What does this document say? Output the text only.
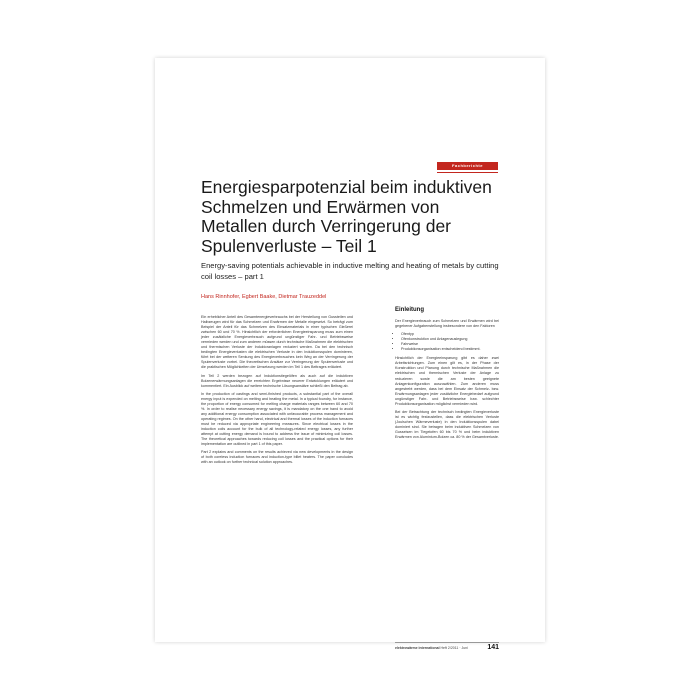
Fachberichte
Energiesparpotenzial beim induktiven Schmelzen und Erwärmen von Metallen durch Verringerung der Spulenverluste – Teil 1

Energy-saving potentials achievable in inductive melting and heating of metals by cutting coil losses – part 1

Hans Rinnhofer, Egbert Baake, Dietmar Trauzeddel

Ein erheblicher Anteil des Gesamtenergieverbrauchs bei der Herstellung von Gussteilen und Halbzeugen wird für das Schmelzen und Erwärmen der Metalle eingesetzt. So beträgt zum Beispiel der Anteil für das Schmelzen des Einsatzmaterials in einer typischen Gießerei zwischen 60 und 70 %. Hinsichtlich der erforderlichen Energieeinsparung muss zum einen jeder zusätzliche Energieverbrauch aufgrund ungünstiger Fahr- und Betriebsweise vermieden werden und zum anderen müssen durch technische Maßnahmen die elektrischen und thermischen Verluste der Induktoranlagen reduziert werden. Da bei den technisch bedingten Energieverlusten die elektrischen Verluste in den Induktionsspulen dominieren, führt bei der weiteren Senkung des Energieverbrauches kein Weg an der Verringerung der Spulenverluste vorbei. Die theoretischen Ansätze zur Verringerung der Spulenverluste und die praktischen Möglichkeiten der Umsetzung werden im Teil 1 des Beitrages erläutert.

Im Teil 2 werden bezogen auf Induktionstiegelöfen als auch auf die induktiven Bolzenerwärmungsanlagen die erreichten Ergebnisse neuerer Entwicklungen erläutert und kommentiert. Ein Ausblick auf weitere technische Lösungsansätze schließt den Beitrag ab.

In the production of castings and semi-finished products, a substantial part of the overall energy input is expended on melting and heating the metal. In a typical foundry, for instance, the proportion of energy consumed for melting charge materials ranges between 60 and 70 %. In order to realise necessary energy savings, it is mandatory on the one hand to avoid any additional energy consumption associated with unfavourable process management and operating regimes. On the other hand, electrical and thermal losses of the induction furnaces must be reduced via appropriate engineering measures. Since electrical losses in the induction coils account for the bulk of all technology-related energy losses, any further attempt at cutting energy demand is bound to address the issue of minimizing coil losses. The theoretical approaches towards reducing coil losses and the practical options for their implementation are outlined in part 1 of this paper.

Part 2 explains and comments on the results achieved via new developments in the design of both coreless induction furnaces and induction-type billet heaters. The paper concludes with an outlook on further technical solution approaches.

Einleitung

Der Energieverbrauch zum Schmelzen und Erwärmen wird bei gegebener Aufgabenstellung insbesondere von den Faktoren

• Ofentyp
• Ofenkonstruktion und Anlagenauslegung
• Fahrweise
• Produktionsorganisation entscheidend bestimmt.

Hinsichtlich der Energieeinsparung gibt es daher zwei Arbeitsrichtungen. Zum einen gilt es, in der Phase der Konstruktion und Planung durch technische Maßnahmen die elektrischen und thermischen Verluste der Anlage zu reduzieren sowie die am besten geeignete Anlagenkonfiguration auszuwählen. Zum anderen muss angestrebt werden, dass bei dem Einsatz der Schmelz- bzw. Erwärmungsanlagen jeder zusätzliche Energiebedarf aufgrund ungünstiger Fahr- und Betriebsweise bzw. schlechter Produktionsorganisation möglichst vermieden wird.

Bei der Betrachtung der technisch bedingten Energieverluste ist es wichtig festzustellen, dass die elektrischen Verluste (Joulschen Wärmeverluste) in den Induktionsspulen dabei dominiert sind. Sie betragen beim induktiven Schmelzen von Gusseisen im Tiegelofen 60 bis 70 % und beim induktiven Erwärmen von Aluminium-Bolzen ca. 80 % der Gesamtverluste.

elektrowärme international Heft 2/2011 · Juni	141
